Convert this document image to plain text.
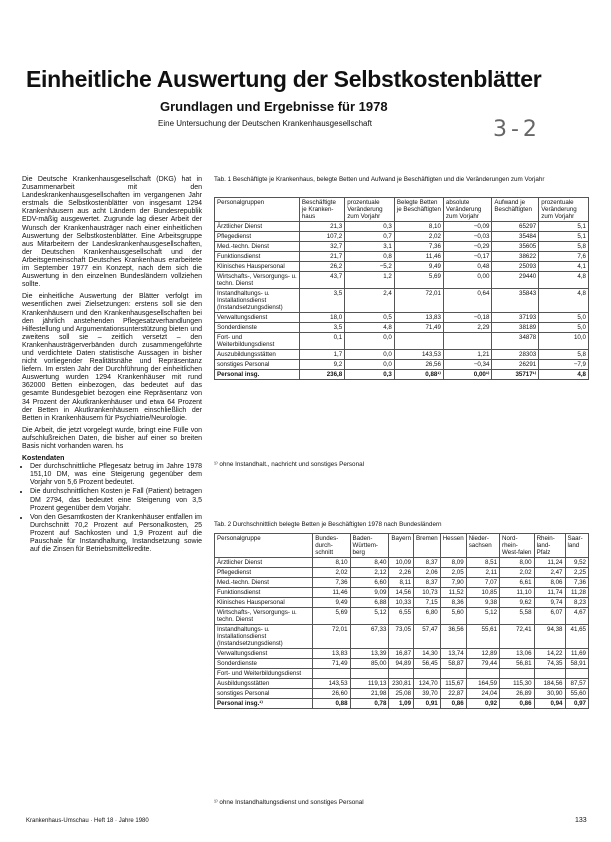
Einheitliche Auswertung der Selbstkostenblätter
Grundlagen und Ergebnisse für 1978
Eine Untersuchung der Deutschen Krankenhausgesellschaft	3-2

Die Deutsche Krankenhausgesellschaft (DKG) hat in Zusammenarbeit mit den Landeskrankenhausgesellschaften im vergangenen Jahr erstmals die Selbstkostenblätter von insgesamt 1294 Krankenhäusern aus acht Ländern der Bundesrepublik EDV-mäßig ausgewertet. Zugrunde lag dieser Arbeit der Wunsch der Krankenhausträger nach einer einheitlichen Auswertung der Selbstkostenblätter. Eine Arbeitsgruppe aus Mitarbeitern der Landeskrankenhausgesellschaften, der Deutschen Krankenhausgesellschaft und der Arbeitsgemeinschaft Deutsches Krankenhaus erarbeitete im September 1977 ein Konzept, nach dem sich die Auswertung in den einzelnen Bundesländern vollziehen sollte.

Die einheitliche Auswertung der Blätter verfolgt im wesentlichen zwei Zielsetzungen: erstens soll sie den Krankenhäusern und den Krankenhausgesellschaften bei den jährlich anstehenden Pflegesatzverhandlungen Hilfestellung und Argumentationsunterstützung bieten und zweitens soll sie – zeitlich versetzt – den Krankenhausträgerverbänden durch zusammengeführte und verdichtete Daten statistische Aussagen in bisher nicht vorliegender Realitätsnähe und Repräsentanz liefern. Im ersten Jahr der Durchführung der einheitlichen Auswertung wurden 1294 Krankenhäuser mit rund 362000 Betten einbezogen, das bedeutet auf das gesamte Bundesgebiet bezogen eine Repräsentanz von 34 Prozent der Akutkrankenhäuser und etwa 64 Prozent der Betten in Akutkrankenhäusern einschließlich der Betten in Krankenhäusern für Psychiatrie/Neurologie.

Die Arbeit, die jetzt vorgelegt wurde, bringt eine Fülle von aufschlußreichen Daten, die bisher auf einer so breiten Basis nicht vorhanden waren. hs

Kostendaten
• Der durchschnittliche Pflegesatz betrug im Jahre 1978 151,10 DM, was eine Steigerung gegenüber dem Vorjahr von 5,6 Prozent bedeutet.
• Die durchschnittlichen Kosten je Fall (Patient) betragen DM 2794, das bedeutet eine Steigerung von 3,5 Prozent gegenüber dem Vorjahr.
• Von den Gesamtkosten der Krankenhäuser entfallen im Durchschnitt 70,2 Prozent auf Personalkosten, 25 Prozent auf Sachkosten und 1,9 Prozent auf die Pauschale für Instandhaltung, Instandsetzung sowie auf die Zinsen für Betriebsmittelkredite.
Tab. 1 Beschäftigte je Krankenhaus, belegte Betten und Aufwand je Beschäftigten und die Veränderungen zum Vorjahr
Personalgruppen	Beschäftigte je Kranken-haus	prozentuale Veränderung zum Vorjahr	Belegte Betten je Beschäftigten	absolute Veränderung zum Vorjahr	Aufwand je Beschäftigten	prozentuale Veränderung zum Vorjahr
Ärztlicher Dienst	21,3	0,3	8,10	−0,09	65297	5,1
Pflegedienst	107,2	0,7	2,02	−0,03	35484	5,1
Med.-techn. Dienst	32,7	3,1	7,36	−0,29	35605	5,8
Funktionsdienst	21,7	0,8	11,46	−0,17	38622	7,6
Klinisches Hauspersonal	26,2	−5,2	9,49	0,48	25093	4,1
Wirtschafts-, Versorgungs- u. techn. Dienst	43,7	1,2	5,69	0,00	29440	4,8
Instandhaltungs- u. Installationsdienst (Instandsetzungsdienst)	3,5	2,4	72,01	0,64	35843	4,8
Verwaltungsdienst	18,0	0,5	13,83	−0,18	37193	5,0
Sonderdienste	3,5	4,8	71,49	2,29	38189	5,0
Fort- und Weiterbildungsdienst	0,1	0,0			34878	10,0
Auszubildungsstätten	1,7	0,0	143,53	1,21	28303	5,8
sonstiges Personal	9,2	0,0	26,56	−0,34	26291	−7,9
Personal insg.	236,8	0,3	0,88¹⁾	0,00¹⁾	35717¹⁾	4,8
¹⁾ ohne Instandhalt., nachricht und sonstiges Personal
Tab. 2 Durchschnittlich belegte Betten je Beschäftigten 1978 nach Bundesländern
Personalgruppe	Bundes-durch-schnitt	Baden-Württem-berg	Bayern	Bremen	Hessen	Nieder-sachsen	Nord-rhein-West-falen	Rhein-land-Pfalz	Saar-land
Ärztlicher Dienst	8,10	8,40	10,09	8,37	8,09	8,51	8,00	11,24	9,52
Pflegedienst	2,02	2,12	2,26	2,06	2,05	2,11	2,02	2,47	2,25
Med.-techn. Dienst	7,36	6,60	8,11	8,37	7,90	7,07	6,61	8,06	7,36
Funktionsdienst	11,46	9,09	14,56	10,73	11,52	10,85	11,10	11,74	11,28
Klinisches Hauspersonal	9,49	6,88	10,33	7,15	8,36	9,38	9,62	9,74	8,23
Wirtschafts-, Versorgungs- u. techn. Dienst	5,69	5,12	6,55	6,80	5,60	5,12	5,58	6,07	4,67
Instandhaltungs- u. Installationsdienst (Instandsetzungsdienst)	72,01	67,33	73,05	57,47	36,56	55,61	72,41	94,38	41,65
Verwaltungsdienst	13,83	13,39	16,87	14,30	13,74	12,89	13,06	14,22	11,69
Sonderdienste	71,49	85,00	94,89	56,45	58,87	79,44	56,81	74,35	58,91
Fort- und Weiterbildungsdienst									
Ausbildungsstätten	143,53	119,13	230,81	124,70	115,67	164,59	115,30	184,56	87,57
sonstiges Personal	26,60	21,98	25,08	39,70	22,87	24,04	26,89	30,90	55,60
Personal insg.¹⁾	0,88	0,78	1,09	0,91	0,86	0,92	0,86	0,94	0,97
¹⁾ ohne Instandhaltungsdienst und sonstiges Personal
Krankenhaus-Umschau · Heft 18 · Jahre 1980	133
